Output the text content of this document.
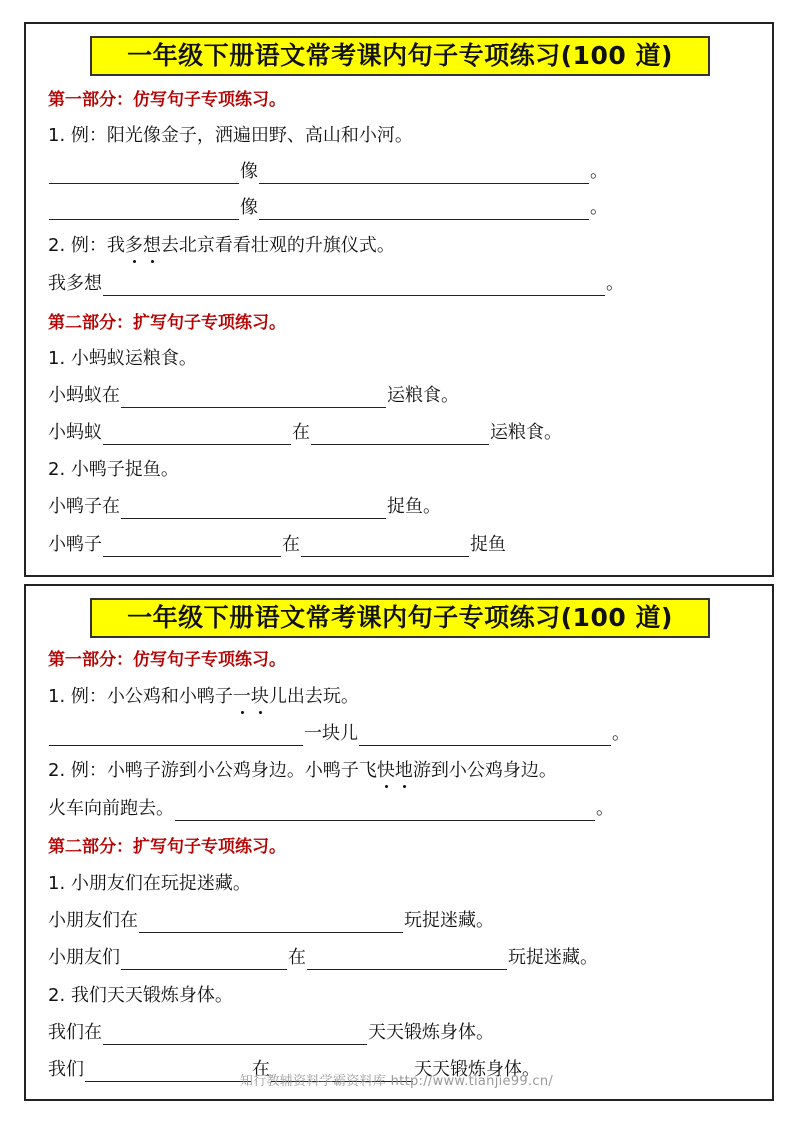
一年级下册语文常考课内句子专项练习(100 道)
第一部分：仿写句子专项练习。
1. 例：阳光像金子，洒遍田野、高山和小河。
像	。
像	。
2. 例：我 多 想 去北京看看壮观的升旗仪式。
我多想	。
第二部分：扩写句子专项练习。
1. 小蚂蚁运粮食。
小蚂蚁在	运粮食。
小蚂蚁	在	运粮食。
2. 小鸭子捉鱼。
小鸭子在	捉鱼。
小鸭子	在	捉鱼
一年级下册语文常考课内句子专项练习(100 道)
第一部分：仿写句子专项练习。
1. 例：小公鸡和小鸭子 一 块 儿出去玩。
一块儿	。
2. 例：小鸭子游到小公鸡身边。小鸭子飞 快 地 游到小公鸡身边。
火车向前跑去。	。
第二部分：扩写句子专项练习。
1. 小朋友们在玩捉迷藏。
小朋友们在	玩捉迷藏。
小朋友们	在	玩捉迷藏。
2. 我们天天锻炼身体。
我们在	天天锻炼身体。
我们	在	天天锻炼身体。
知行教辅资料学霸资料库 http://www.tianjie99.cn/
